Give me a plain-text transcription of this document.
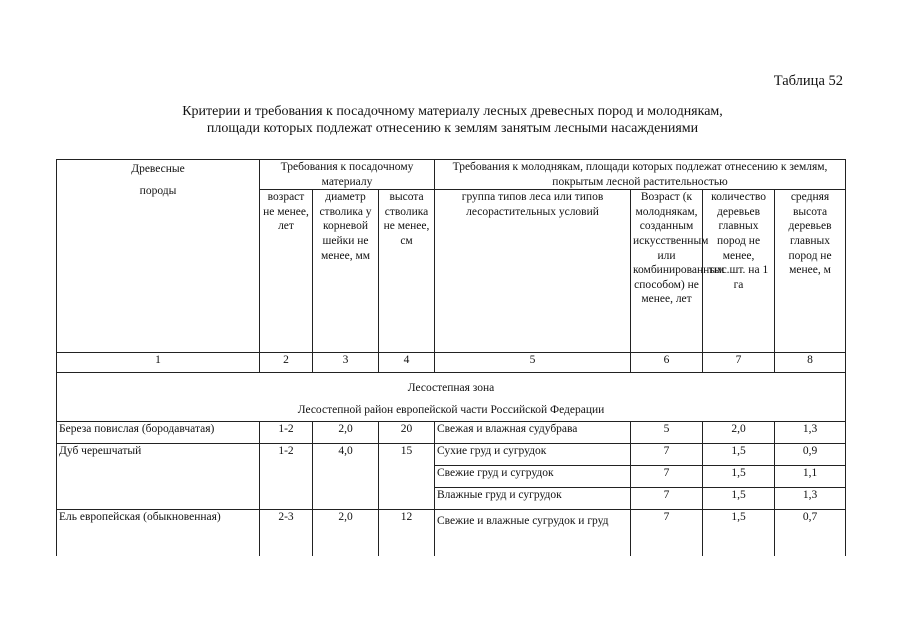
Таблица 52
Критерии и требования к посадочному материалу лесных древесных пород и молоднякам,
площади которых подлежат отнесению к землям занятым лесными насаждениями
Древесные
породы	Требования к посадочному материалу			Требования к молоднякам, площади которых подлежат отнесению к землям, покрытым лесной растительностью			
	возраст не менее, лет	диаметр стволика у корневой шейки не менее, мм	высота стволика не менее, см	группа типов леса или типов лесорастительных условий	Возраст (к молоднякам, созданным искусственным или комбинированным способом) не менее, лет	количество деревьев главных пород не менее, тыс.шт. на 1 га	средняя высота деревьев главных пород не менее, м
1	2	3	4	5	6	7	8

Лесостепная зона
Лесостепной район европейской части Российской Федерации							

Береза повислая (бородавчатая)	1-2	2,0	20	Свежая и влажная судубрава	5	2,0	1,3
Дуб черешчатый	1-2	4,0	15	Сухие груд и сугрудок	7	1,5	0,9
				Свежие груд и сугрудок	7	1,5	1,1
				Влажные груд и сугрудок	7	1,5	1,3
Ель европейская (обыкновенная)	2-3	2,0	12	Свежие и влажные сугрудок и груд	7	1,5	0,7
